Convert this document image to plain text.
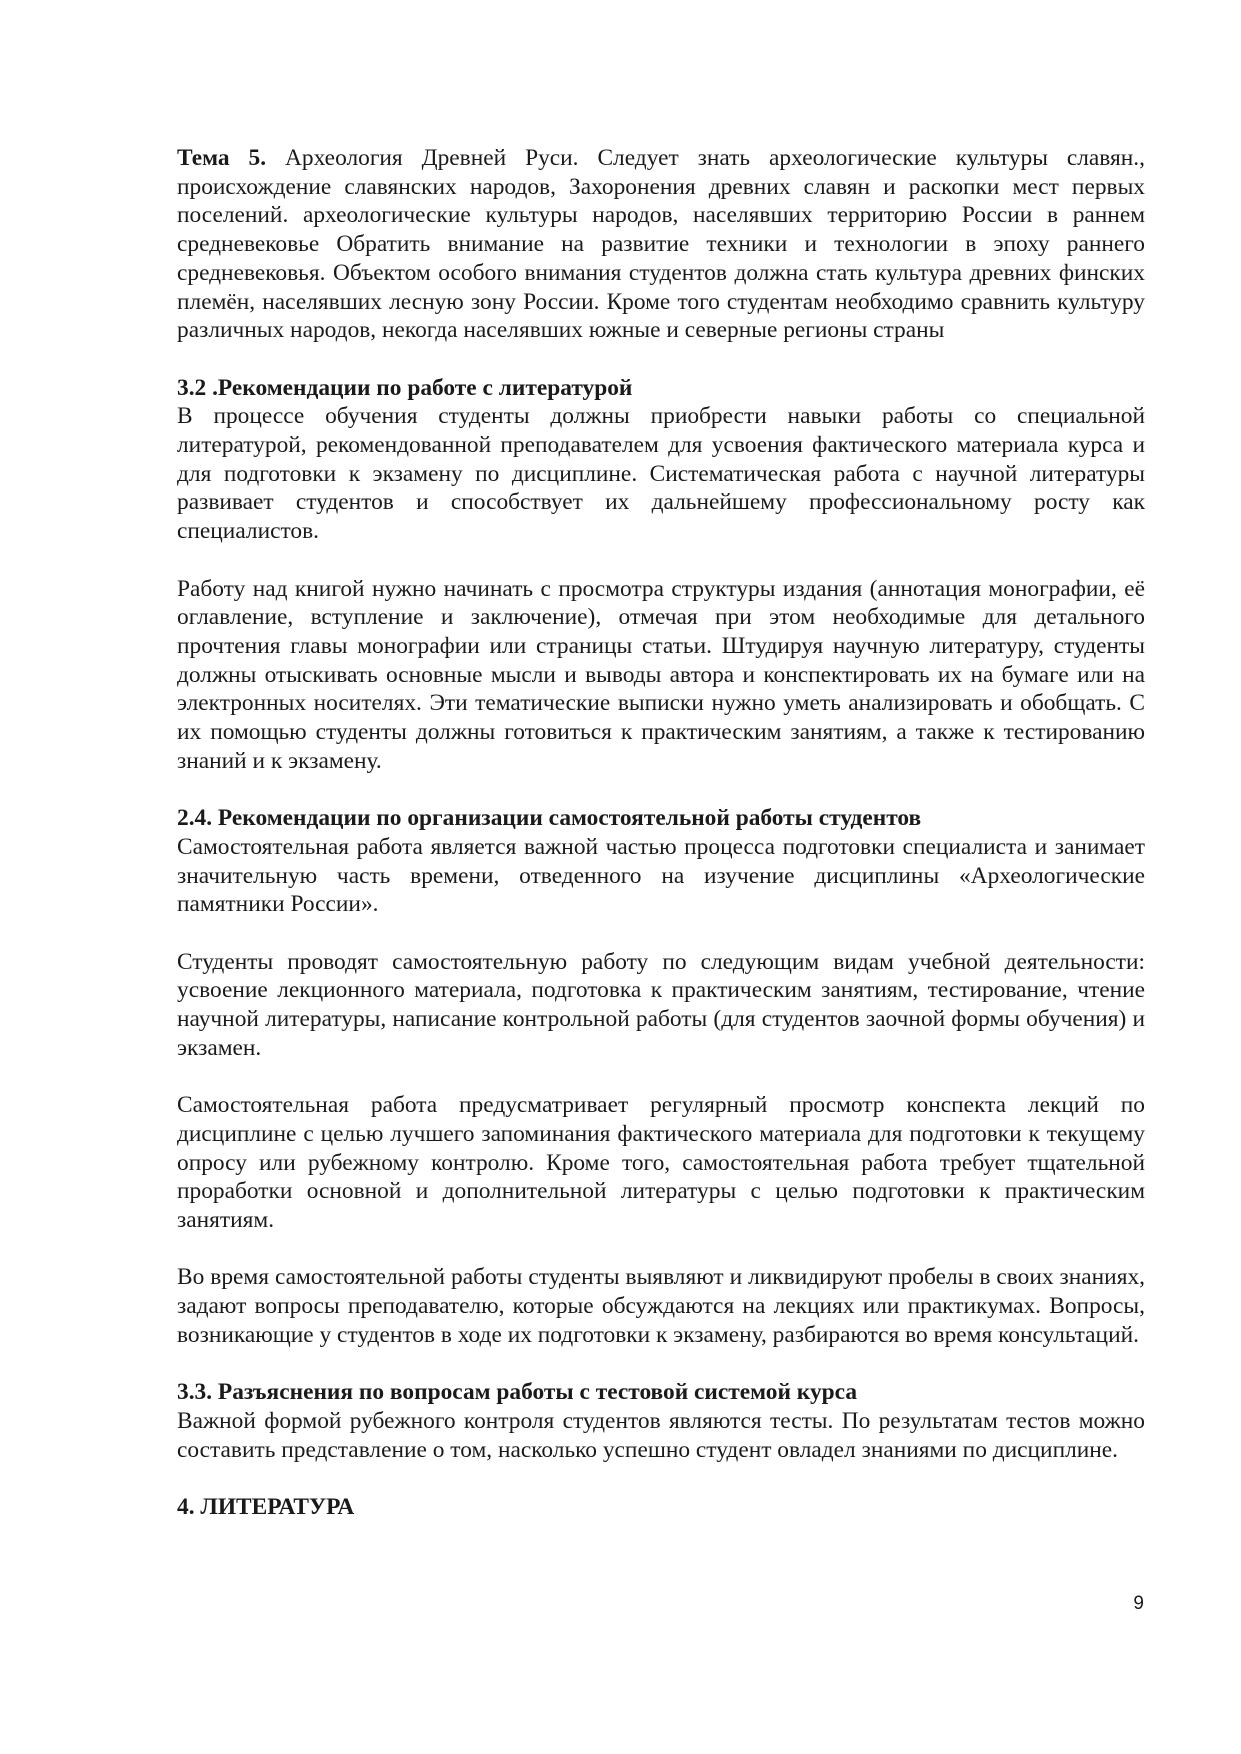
Тема 5. Археология Древней Руси. Следует знать археологические культуры славян., происхождение славянских народов, Захоронения древних славян и раскопки мест первых поселений. археологические культуры народов, населявших территорию России в раннем средневековье Обратить внимание на развитие техники и технологии в эпоху раннего средневековья. Объектом особого внимания студентов должна стать культура древних финских племён, населявших лесную зону России. Кроме того студентам необходимо сравнить культуру различных народов, некогда населявших южные и северные регионы страны

3.2 .Рекомендации по работе с литературой

В процессе обучения студенты должны приобрести навыки работы со специальной литературой, рекомендованной преподавателем для усвоения фактического материала курса и для подготовки к экзамену по дисциплине. Систематическая работа с научной литературы развивает студентов и способствует их дальнейшему профессиональному росту как специалистов.

Работу над книгой нужно начинать с просмотра структуры издания (аннотация монографии, её оглавление, вступление и заключение), отмечая при этом необходимые для детального прочтения главы монографии или страницы статьи. Штудируя научную литературу, студенты должны отыскивать основные мысли и выводы автора и конспектировать их на бумаге или на электронных носителях. Эти тематические выписки нужно уметь анализировать и обобщать. С их помощью студенты должны готовиться к практическим занятиям, а также к тестированию знаний и к экзамену.

2.4. Рекомендации по организации самостоятельной работы студентов

Самостоятельная работа является важной частью процесса подготовки специалиста и занимает значительную часть времени, отведенного на изучение дисциплины «Археологические памятники России».

Студенты проводят самостоятельную работу по следующим видам учебной деятельности: усвоение лекционного материала, подготовка к практическим занятиям, тестирование, чтение научной литературы, написание контрольной работы (для студентов заочной формы обучения) и экзамен.

Самостоятельная работа предусматривает регулярный просмотр конспекта лекций по дисциплине с целью лучшего запоминания фактического материала для подготовки к текущему опросу или рубежному контролю. Кроме того, самостоятельная работа требует тщательной проработки основной и дополнительной литературы с целью подготовки к практическим занятиям.

Во время самостоятельной работы студенты выявляют и ликвидируют пробелы в своих знаниях, задают вопросы преподавателю, которые обсуждаются на лекциях или практикумах. Вопросы, возникающие у студентов в ходе их подготовки к экзамену, разбираются во время консультаций.

3.3. Разъяснения по вопросам работы с тестовой системой курса

Важной формой рубежного контроля студентов являются тесты. По результатам тестов можно составить представление о том, насколько успешно студент овладел знаниями по дисциплине.

4. ЛИТЕРАТУРА

9
